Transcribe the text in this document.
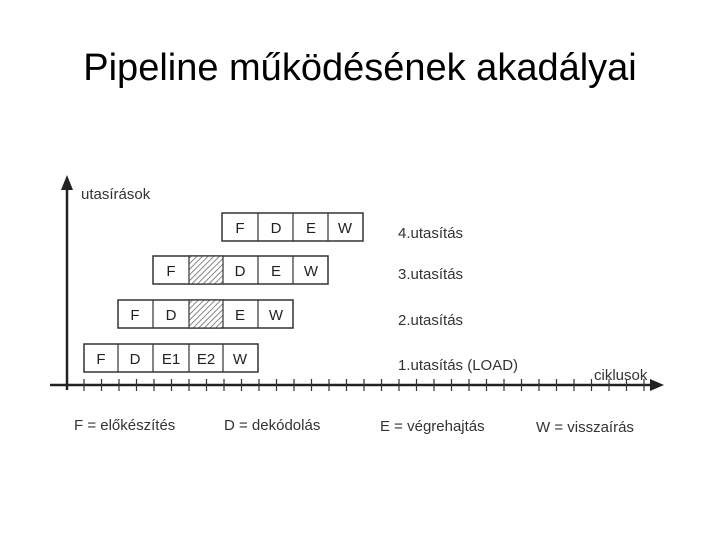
Pipeline működésének akadályai
utasírások
ciklusok
F D E W	4.utasítás
F	D E W	3.utasítás
F D	E W	2.utasítás
F D E1 E2 W	1.utasítás (LOAD)
F = előkészítés	D = dekódolás	E = végrehajtás	W = visszaírás
